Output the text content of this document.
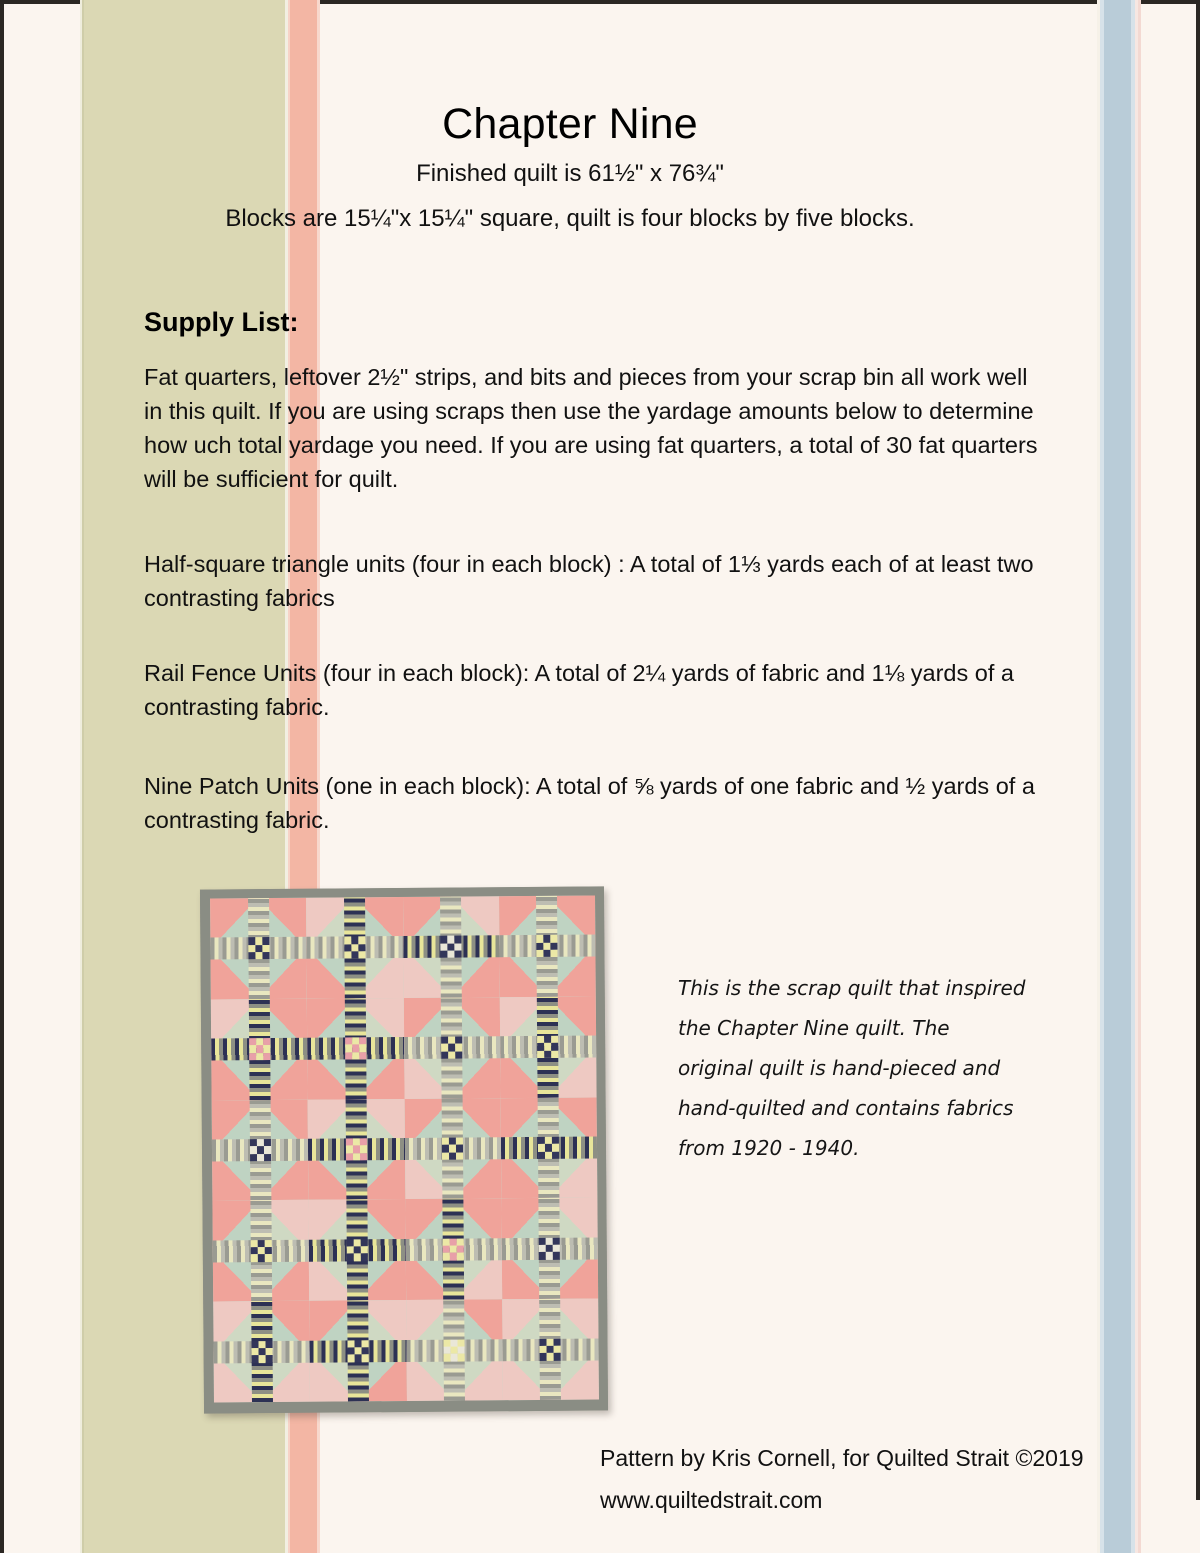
Chapter Nine
Finished quilt is 61½" x 76¾"
Blocks are 15¼"x 15¼" square, quilt is four blocks by five blocks.
Supply List:
Fat quarters, leftover 2½" strips, and bits and pieces from your scrap bin all work well in this quilt. If you are using scraps then use the yardage amounts below to determine how uch total yardage you need. If you are using fat quarters, a total of 30 fat quarters will be sufficient for quilt.
Half-square triangle units (four in each block) : A total of 1⅓ yards each of at least two contrasting fabrics
Rail Fence Units (four in each block): A total of 2¼ yards of fabric and 1⅛ yards of a contrasting fabric.
Nine Patch Units (one in each block): A total of ⅝ yards of one fabric and ½ yards of a contrasting fabric.
This is the scrap quilt that inspired the Chapter Nine quilt. The original quilt is hand-pieced and hand-quilted and contains fabrics from 1920 - 1940.
Pattern by Kris Cornell, for Quilted Strait ©2019
www.quiltedstrait.com
